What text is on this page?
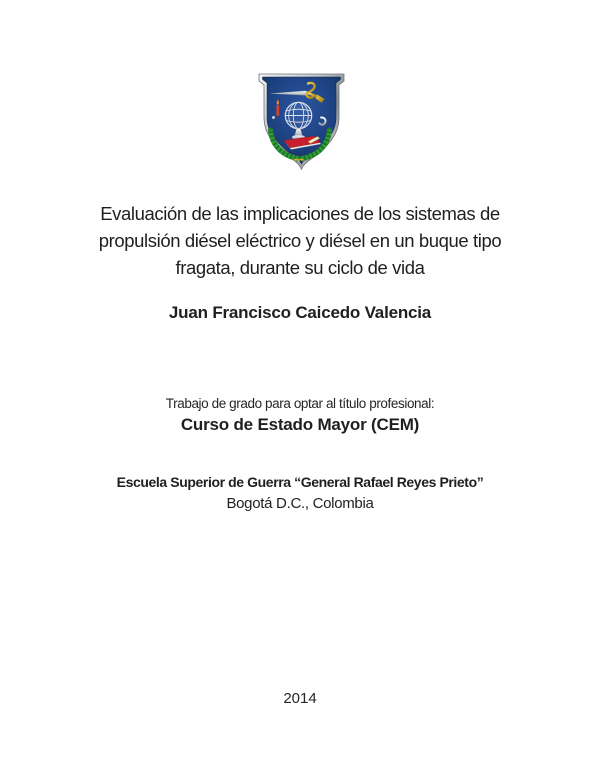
Evaluación de las implicaciones de los sistemas de
propulsión diésel eléctrico y diésel en un buque tipo
fragata, durante su ciclo de vida
Juan Francisco Caicedo Valencia
Trabajo de grado para optar al título profesional:
Curso de Estado Mayor (CEM)
Escuela Superior de Guerra “General Rafael Reyes Prieto”
Bogotá D.C., Colombia
2014
